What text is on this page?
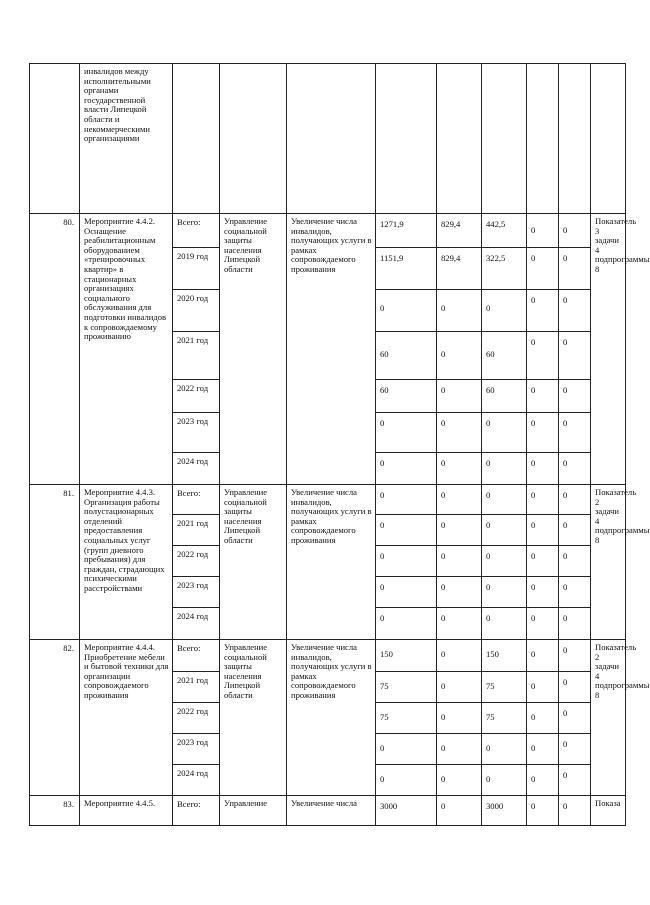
	инвалидов между исполнительными органами государственной власти Липецкой области и некоммерческими организациями									
80.	Мероприятие 4.4.2. Оснащение реабилитационным оборудованием «тренировочных квартир» в стационарных организациях социального обслуживания для подготовки инвалидов к сопровождаемому проживанию	Всего:	Управление социальной защиты населения Липецкой области	Увеличение числа инвалидов, получающих услуги в рамках сопровождаемого проживания	1271,9	829,4	442,5	0	0	Показатель 3 задачи 4 подпрограммы 8
		2019 год			1151,9	829,4	322,5	0	0	
		2020 год			0	0	0	0	0	
		2021 год			60	0	60	0	0	
		2022 год			60	0	60	0	0	
		2023 год			0	0	0	0	0	
		2024 год			0	0	0	0	0	
81.	Мероприятие 4.4.3. Организация работы полустационарных отделений предоставления социальных услуг (групп дневного пребывания) для граждан, страдающих психическими расстройствами	Всего:	Управление социальной защиты населения Липецкой области	Увеличение числа инвалидов, получающих услуги в рамках сопровождаемого проживания	0	0	0	0	0	Показатель 2 задачи 4 подпрограммы 8
		2021 год			0	0	0	0	0	
		2022 год			0	0	0	0	0	
		2023 год			0	0	0	0	0	
		2024 год			0	0	0	0	0	
82.	Мероприятие 4.4.4. Приобретение мебели и бытовой техники для организации сопровождаемого проживания	Всего:	Управление социальной защиты населения Липецкой области	Увеличение числа инвалидов, получающих услуги в рамках сопровождаемого проживания	150	0	150	0	0	Показатель 2 задачи 4 подпрограммы 8
		2021 год			75	0	75	0	0	
		2022 год			75	0	75	0	0	
		2023 год			0	0	0	0	0	
		2024 год			0	0	0	0	0	
83.	Мероприятие 4.4.5.	Всего:	Управление	Увеличение числа	3000	0	3000	0	0	Показа
